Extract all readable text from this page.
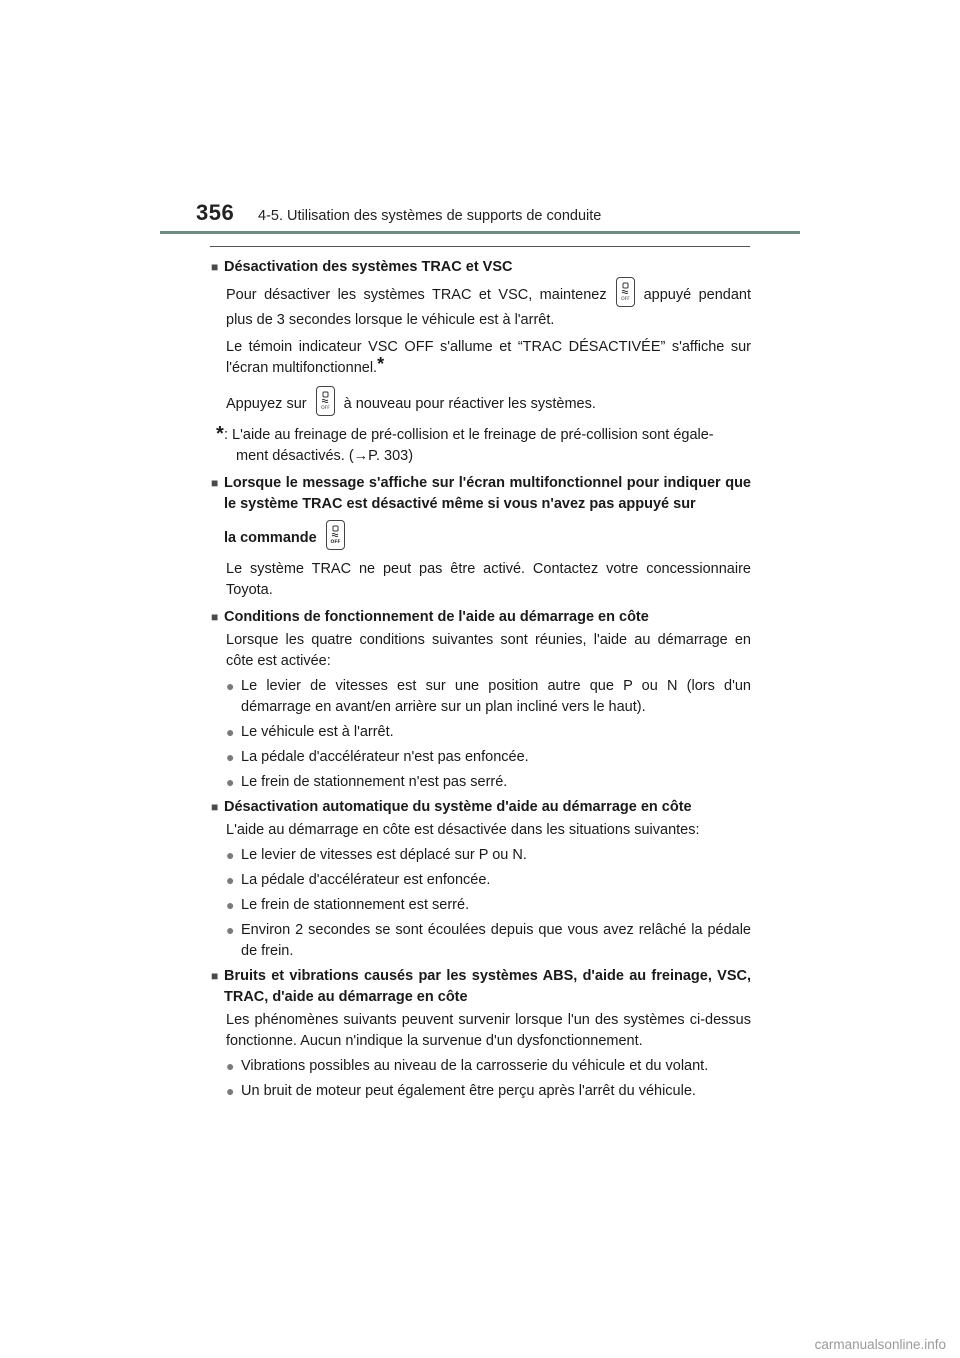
356 4-5. Utilisation des systèmes de supports de conduite
■ Désactivation des systèmes TRAC et VSC
Pour désactiver les systèmes TRAC et VSC, maintenez	OFF appuyé pendant plus de 3 secondes lorsque le véhicule est à l'arrêt.
Le témoin indicateur VSC OFF s'allume et “TRAC DÉSACTIVÉE” s'affiche sur l'écran multifonctionnel.*
Appuyez sur	OFF à nouveau pour réactiver les systèmes.
* : L'aide au freinage de pré-collision et le freinage de pré-collision sont égale-
ment désactivés. (→P. 303)
■ Lorsque le message s'affiche sur l'écran multifonctionnel pour indiquer que le système TRAC est désactivé même si vous n'avez pas appuyé sur
la commande	OFF
Le système TRAC ne peut pas être activé. Contactez votre concessionnaire Toyota.
■ Conditions de fonctionnement de l'aide au démarrage en côte
Lorsque les quatre conditions suivantes sont réunies, l'aide au démarrage en côte est activée:
● Le levier de vitesses est sur une position autre que P ou N (lors d'un démarrage en avant/en arrière sur un plan incliné vers le haut).
● Le véhicule est à l'arrêt.
● La pédale d'accélérateur n'est pas enfoncée.
● Le frein de stationnement n'est pas serré.
■ Désactivation automatique du système d'aide au démarrage en côte
L'aide au démarrage en côte est désactivée dans les situations suivantes:
● Le levier de vitesses est déplacé sur P ou N.
● La pédale d'accélérateur est enfoncée.
● Le frein de stationnement est serré.
● Environ 2 secondes se sont écoulées depuis que vous avez relâché la pédale de frein.
■ Bruits et vibrations causés par les systèmes ABS, d'aide au freinage, VSC, TRAC, d'aide au démarrage en côte
Les phénomènes suivants peuvent survenir lorsque l'un des systèmes ci-dessus fonctionne. Aucun n'indique la survenue d'un dysfonctionnement.
● Vibrations possibles au niveau de la carrosserie du véhicule et du volant.
● Un bruit de moteur peut également être perçu après l'arrêt du véhicule.
carmanualsonline.info
